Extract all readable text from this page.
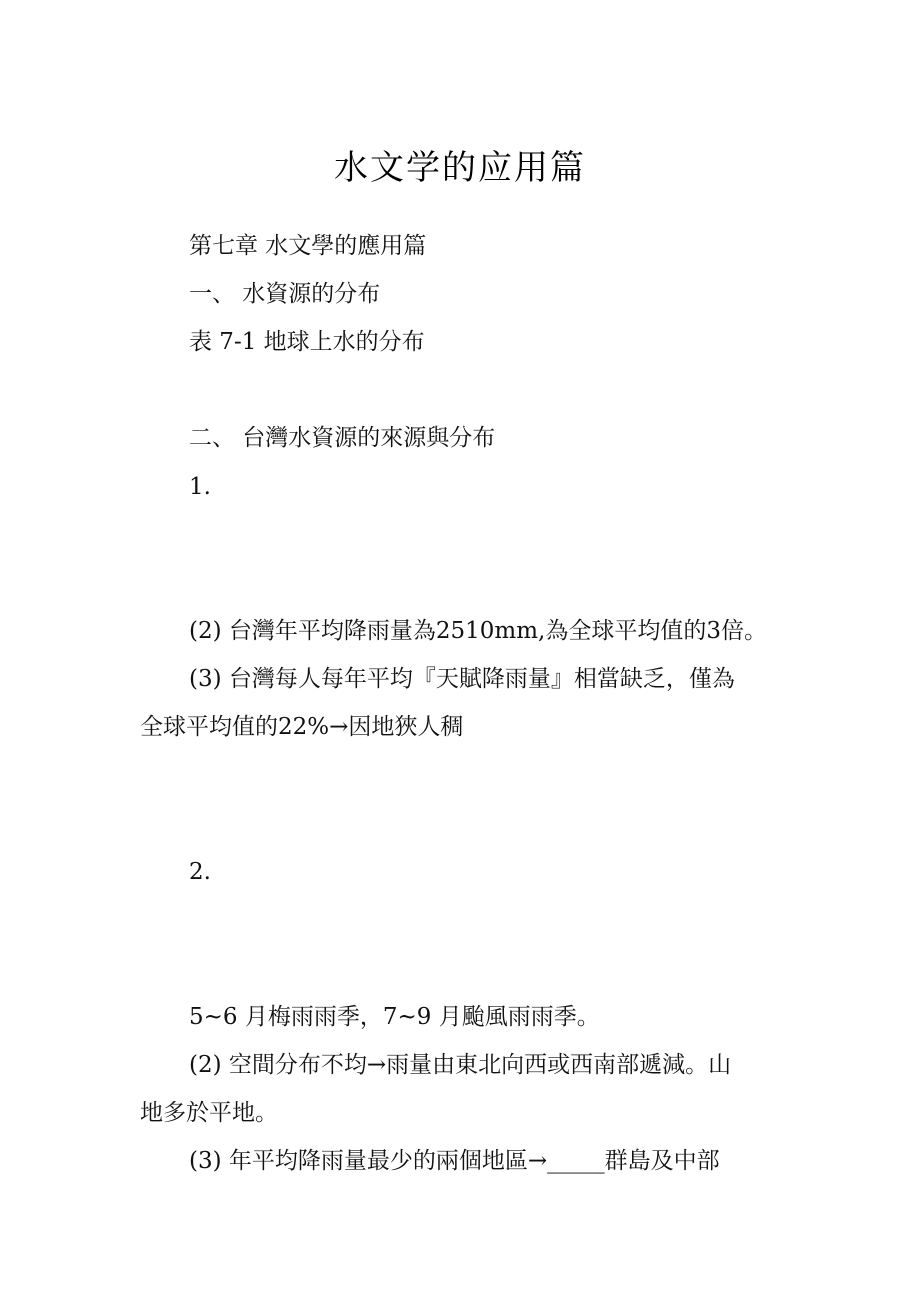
水文学的应用篇
第七章 水文學的應用篇
一、 水資源的分布
表 7-1 地球上水的分布
二、 台灣水資源的來源與分布
1.
(2) 台灣年平均降雨量為2510mm,為全球平均值的3倍。
(3) 台灣每人每年平均『天賦降雨量』相當缺乏，僅為
全球平均值的22%→因地狹人稠
2.
5~6 月梅雨雨季，7~9 月颱風雨雨季。
(2) 空間分布不均→雨量由東北向西或西南部遞減。山
地多於平地。
(3) 年平均降雨量最少的兩個地區→_____群島及中部
